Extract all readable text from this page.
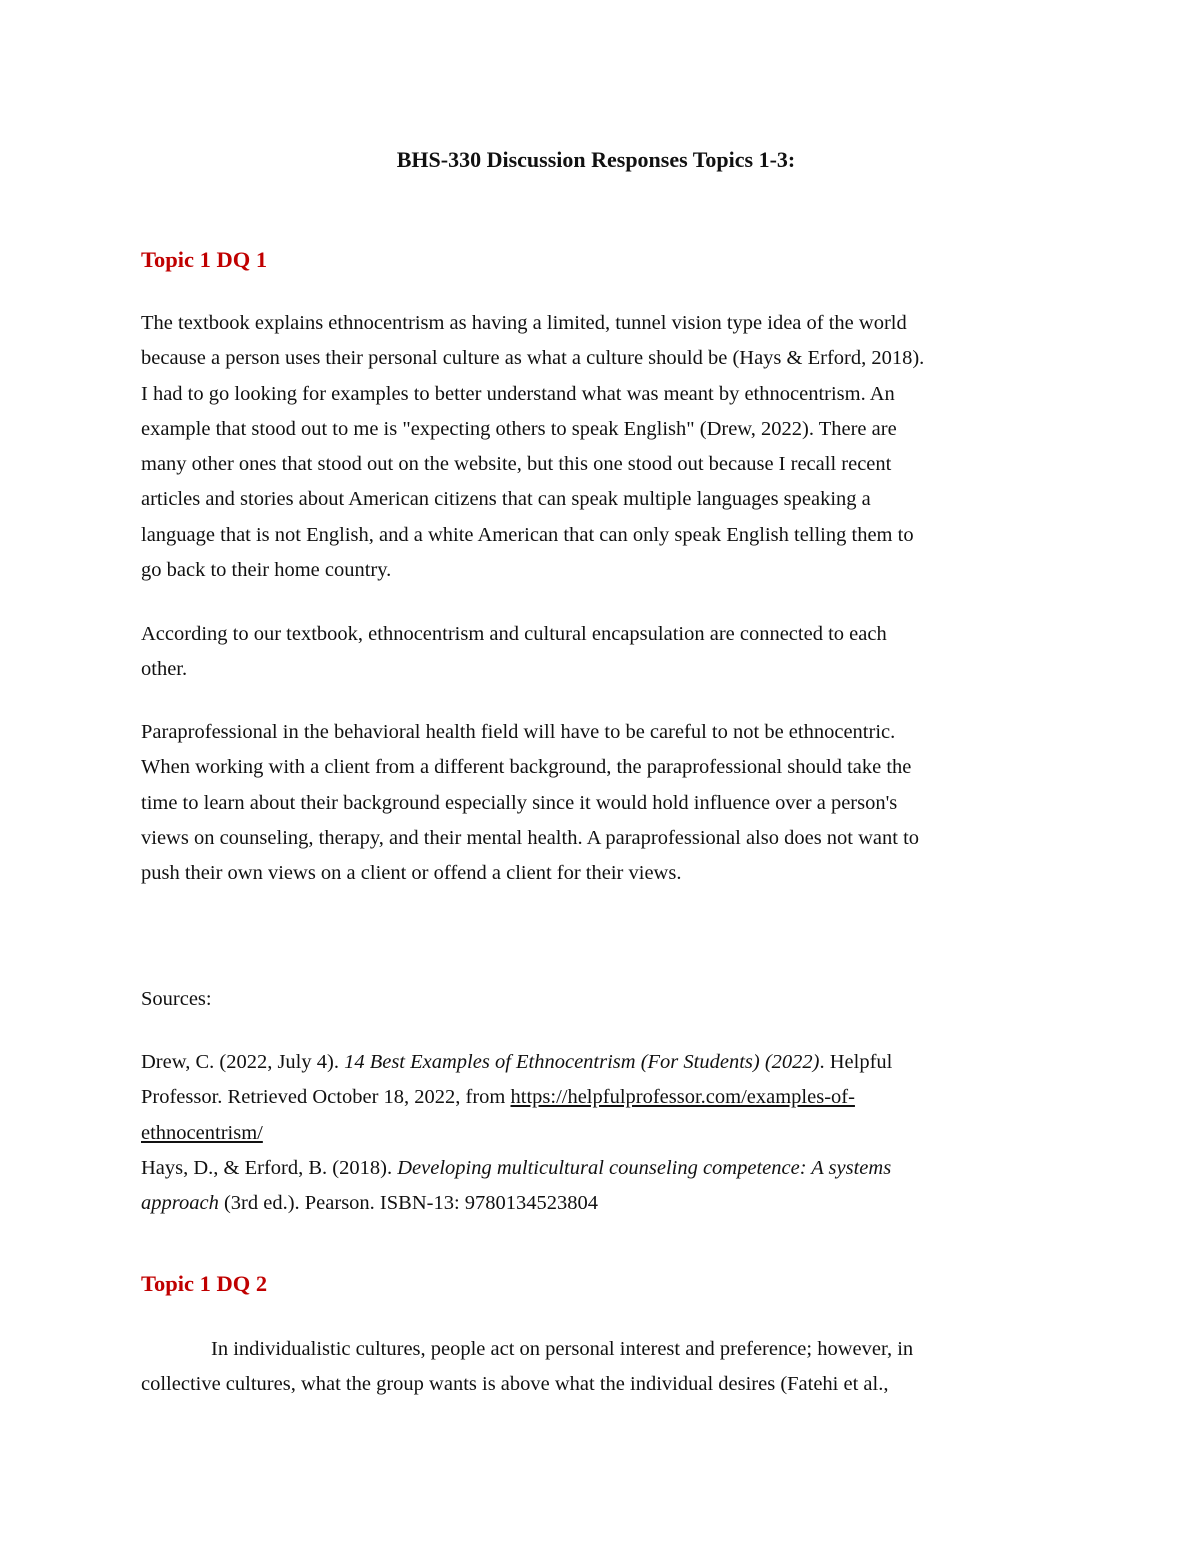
BHS-330 Discussion Responses Topics 1-3:
Topic 1 DQ 1
The textbook explains ethnocentrism as having a limited, tunnel vision type idea of the world
because a person uses their personal culture as what a culture should be (Hays & Erford, 2018).
I had to go looking for examples to better understand what was meant by ethnocentrism. An
example that stood out to me is "expecting others to speak English" (Drew, 2022). There are
many other ones that stood out on the website, but this one stood out because I recall recent
articles and stories about American citizens that can speak multiple languages speaking a
language that is not English, and a white American that can only speak English telling them to
go back to their home country.
According to our textbook, ethnocentrism and cultural encapsulation are connected to each
other.
Paraprofessional in the behavioral health field will have to be careful to not be ethnocentric.
When working with a client from a different background, the paraprofessional should take the
time to learn about their background especially since it would hold influence over a person's
views on counseling, therapy, and their mental health. A paraprofessional also does not want to
push their own views on a client or offend a client for their views.
Sources:
Drew, C. (2022, July 4). 14 Best Examples of Ethnocentrism (For Students) (2022). Helpful
Professor. Retrieved October 18, 2022, from https://helpfulprofessor.com/examples-of-
ethnocentrism/
Hays, D., & Erford, B. (2018). Developing multicultural counseling competence: A systems
approach (3rd ed.). Pearson. ISBN-13: 9780134523804
Topic 1 DQ 2
In individualistic cultures, people act on personal interest and preference; however, in
collective cultures, what the group wants is above what the individual desires (Fatehi et al.,
